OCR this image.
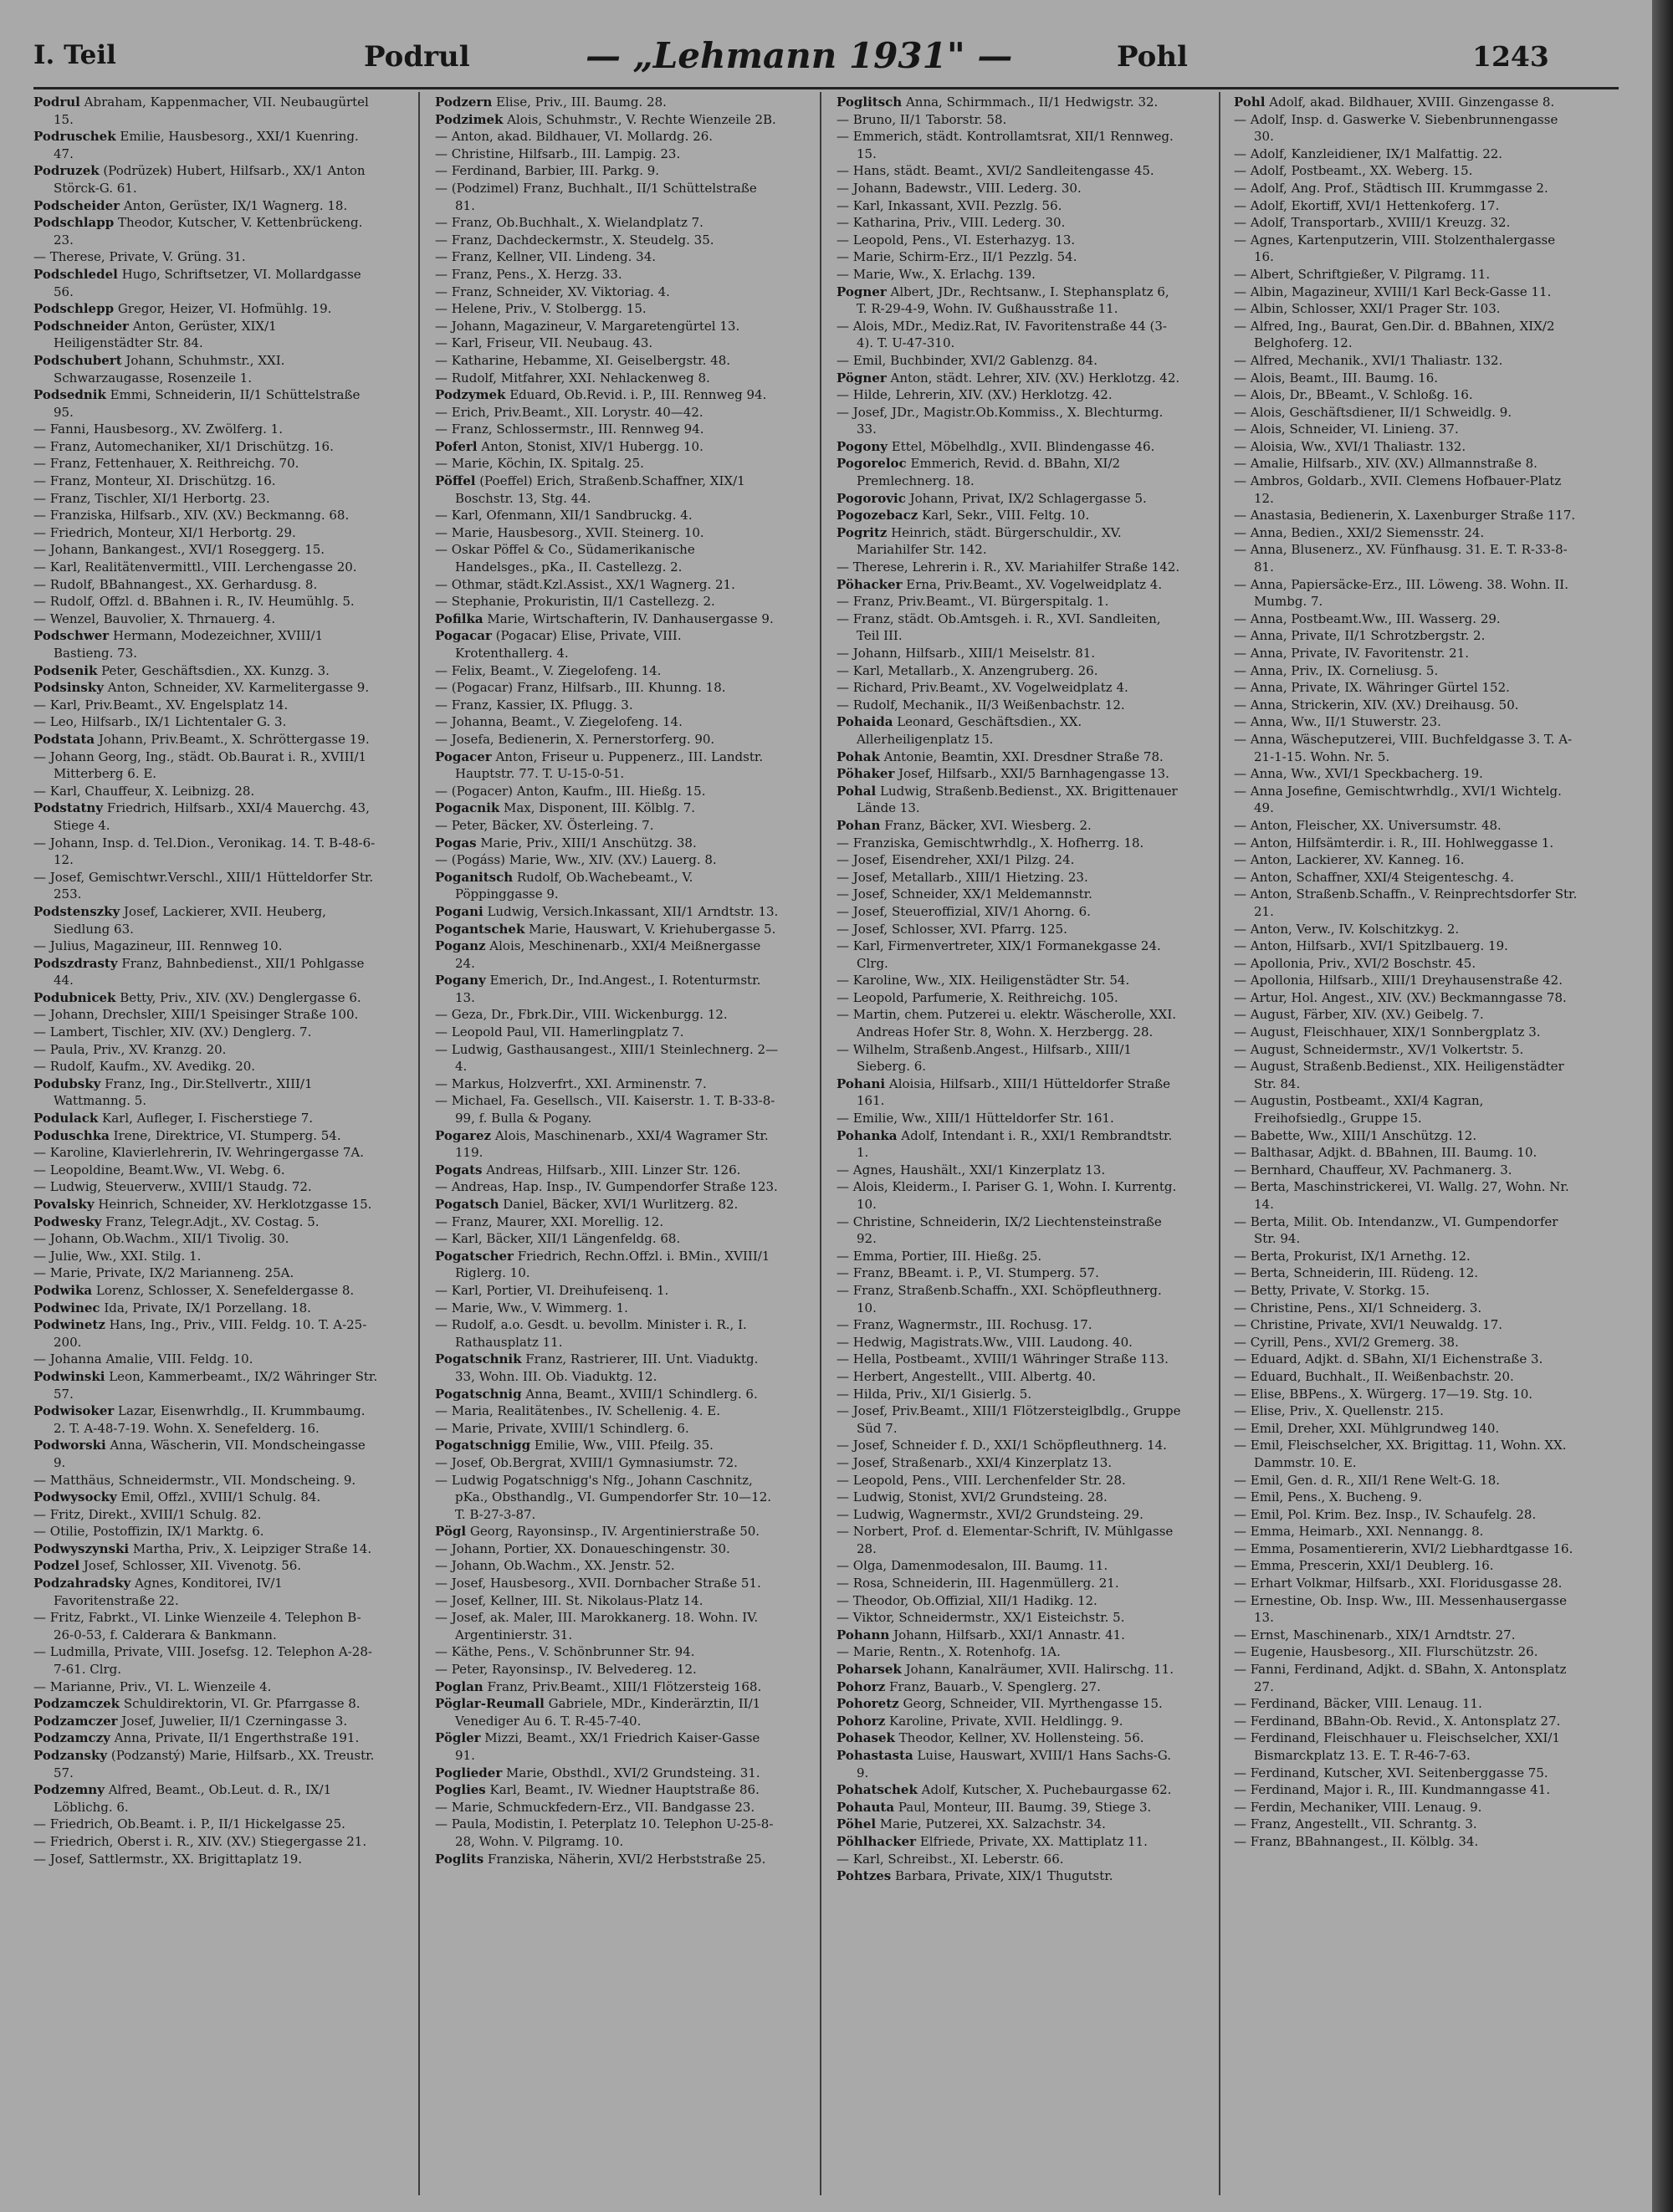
I. Teil	Podrul	— „Lehmann 1931" —	Pohl	1243

Podrul Abraham, Kappenmacher, VII. Neubaugürtel 15.

Podruschek Emilie, Hausbesorg., XXI/1 Kuenring. 47.

Podruzek (Podrüzek) Hubert, Hilfsarb., XX/1 Anton Störck-G. 61.

Podscheider Anton, Gerüster, IX/1 Wagnerg. 18.

Podschlapp Theodor, Kutscher, V. Kettenbrückeng. 23.

— Therese, Private, V. Grüng. 31.

Podschledel Hugo, Schriftsetzer, VI. Mollardgasse 56.

Podschlepp Gregor, Heizer, VI. Hofmühlg. 19.

Podschneider Anton, Gerüster, XIX/1 Heiligenstädter Str. 84.

Podschubert Johann, Schuhmstr., XXI. Schwarzaugasse, Rosenzeile 1.

Podsednik Emmi, Schneiderin, II/1 Schüttelstraße 95.

— Fanni, Hausbesorg., XV. Zwölferg. 1.

— Franz, Automechaniker, XI/1 Drischützg. 16.

— Franz, Fettenhauer, X. Reithreichg. 70.

— Franz, Monteur, XI. Drischützg. 16.

— Franz, Tischler, XI/1 Herbortg. 23.

— Franziska, Hilfsarb., XIV. (XV.) Beckmanng. 68.

— Friedrich, Monteur, XI/1 Herbortg. 29.

— Johann, Bankangest., XVI/1 Roseggerg. 15.

— Karl, Realitätenvermittl., VIII. Lerchengasse 20.

— Rudolf, BBahnangest., XX. Gerhardusg. 8.

— Rudolf, Offzl. d. BBahnen i. R., IV. Heumühlg. 5.

— Wenzel, Bauvolier, X. Thrnauerg. 4.

Podschwer Hermann, Modezeichner, XVIII/1 Bastieng. 73.

Podsenik Peter, Geschäftsdien., XX. Kunzg. 3.

Podsinsky Anton, Schneider, XV. Karmelitergasse 9.

— Karl, Priv.Beamt., XV. Engelsplatz 14.

— Leo, Hilfsarb., IX/1 Lichtentaler G. 3.

Podstata Johann, Priv.Beamt., X. Schröttergasse 19.

— Johann Georg, Ing., städt. Ob.Baurat i. R., XVIII/1 Mitterberg 6. E.

— Karl, Chauffeur, X. Leibnizg. 28.

Podstatny Friedrich, Hilfsarb., XXI/4 Mauerchg. 43, Stiege 4.

— Johann, Insp. d. Tel.Dion., Veronikag. 14. T. B-48-6-12.

— Josef, Gemischtwr.Verschl., XIII/1 Hütteldorfer Str. 253.

Podstenszky Josef, Lackierer, XVII. Heuberg, Siedlung 63.

— Julius, Magazineur, III. Rennweg 10.

Podszdrasty Franz, Bahnbedienst., XII/1 Pohlgasse 44.

Podubnicek Betty, Priv., XIV. (XV.) Denglergasse 6.

— Johann, Drechsler, XIII/1 Speisinger Straße 100.

— Lambert, Tischler, XIV. (XV.) Denglerg. 7.

— Paula, Priv., XV. Kranzg. 20.

— Rudolf, Kaufm., XV. Avedikg. 20.

Podubsky Franz, Ing., Dir.Stellvertr., XIII/1 Wattmanng. 5.

Podulack Karl, Aufleger, I. Fischerstiege 7.

Poduschka Irene, Direktrice, VI. Stumperg. 54.

— Karoline, Klavierlehrerin, IV. Wehringergasse 7A.

— Leopoldine, Beamt.Ww., VI. Webg. 6.

— Ludwig, Steuerverw., XVIII/1 Staudg. 72.

Povalsky Heinrich, Schneider, XV. Herklotzgasse 15.

Podwesky Franz, Telegr.Adjt., XV. Costag. 5.

— Johann, Ob.Wachm., XII/1 Tivolig. 30.

— Julie, Ww., XXI. Stilg. 1.

— Marie, Private, IX/2 Marianneng. 25A.

Podwika Lorenz, Schlosser, X. Senefeldergasse 8.

Podwinec Ida, Private, IX/1 Porzellang. 18.

Podwinetz Hans, Ing., Priv., VIII. Feldg. 10. T. A-25-200.

— Johanna Amalie, VIII. Feldg. 10.

Podwinski Leon, Kammerbeamt., IX/2 Währinger Str. 57.

Podwisoker Lazar, Eisenwrhdlg., II. Krummbaumg. 2. T. A-48-7-19. Wohn. X. Senefelderg. 16.

Podworski Anna, Wäscherin, VII. Mondscheingasse 9.

— Matthäus, Schneidermstr., VII. Mondscheing. 9.

Podwysocky Emil, Offzl., XVIII/1 Schulg. 84.

— Fritz, Direkt., XVIII/1 Schulg. 82.

— Otilie, Postoffizin, IX/1 Marktg. 6.

Podwyszynski Martha, Priv., X. Leipziger Straße 14.

Podzel Josef, Schlosser, XII. Vivenotg. 56.

Podzahradsky Agnes, Konditorei, IV/1 Favoritenstraße 22.

— Fritz, Fabrkt., VI. Linke Wienzeile 4. Telephon B-26-0-53, f. Calderara & Bankmann.

— Ludmilla, Private, VIII. Josefsg. 12. Telephon A-28-7-61. Clrg.

— Marianne, Priv., VI. L. Wienzeile 4.

Podzamczek Schuldirektorin, VI. Gr. Pfarrgasse 8.

Podzamczer Josef, Juwelier, II/1 Czerningasse 3.

Podzamczy Anna, Private, II/1 Engerthstraße 191.

Podzansky (Podzanstý) Marie, Hilfsarb., XX. Treustr. 57.

Podzemny Alfred, Beamt., Ob.Leut. d. R., IX/1 Löblichg. 6.

— Friedrich, Ob.Beamt. i. P., II/1 Hickelgasse 25.

— Friedrich, Oberst i. R., XIV. (XV.) Stiegergasse 21.

— Josef, Sattlermstr., XX. Brigittaplatz 19.

Podzern Elise, Priv., III. Baumg. 28.

Podzimek Alois, Schuhmstr., V. Rechte Wienzeile 2B.

— Anton, akad. Bildhauer, VI. Mollardg. 26.

— Christine, Hilfsarb., III. Lampig. 23.

— Ferdinand, Barbier, III. Parkg. 9.

— (Podzimel) Franz, Buchhalt., II/1 Schüttelstraße 81.

— Franz, Ob.Buchhalt., X. Wielandplatz 7.

— Franz, Dachdeckermstr., X. Steudelg. 35.

— Franz, Kellner, VII. Lindeng. 34.

— Franz, Pens., X. Herzg. 33.

— Franz, Schneider, XV. Viktoriag. 4.

— Helene, Priv., V. Stolbergg. 15.

— Johann, Magazineur, V. Margaretengürtel 13.

— Karl, Friseur, VII. Neubaug. 43.

— Katharine, Hebamme, XI. Geiselbergstr. 48.

— Rudolf, Mitfahrer, XXI. Nehlackenweg 8.

Podzymek Eduard, Ob.Revid. i. P., III. Rennweg 94.

— Erich, Priv.Beamt., XII. Lorystr. 40—42.

— Franz, Schlossermstr., III. Rennweg 94.

Poferl Anton, Stonist, XIV/1 Hubergg. 10.

— Marie, Köchin, IX. Spitalg. 25.

Pöffel (Poeffel) Erich, Straßenb.Schaffner, XIX/1 Boschstr. 13, Stg. 44.

— Karl, Ofenmann, XII/1 Sandbruckg. 4.

— Marie, Hausbesorg., XVII. Steinerg. 10.

— Oskar Pöffel & Co., Südamerikanische Handelsges., pKa., II. Castellezg. 2.

— Othmar, städt.Kzl.Assist., XX/1 Wagnerg. 21.

— Stephanie, Prokuristin, II/1 Castellezg. 2.

Pofilka Marie, Wirtschafterin, IV. Danhausergasse 9.

Pogacar (Pogacar) Elise, Private, VIII. Krotenthallerg. 4.

— Felix, Beamt., V. Ziegelofeng. 14.

— (Pogacar) Franz, Hilfsarb., III. Khunng. 18.

— Franz, Kassier, IX. Pflugg. 3.

— Johanna, Beamt., V. Ziegelofeng. 14.

— Josefa, Bedienerin, X. Pernerstorferg. 90.

Pogacer Anton, Friseur u. Puppenerz., III. Landstr. Hauptstr. 77. T. U-15-0-51.

— (Pogacer) Anton, Kaufm., III. Hießg. 15.

Pogacnik Max, Disponent, III. Kölblg. 7.

— Peter, Bäcker, XV. Österleing. 7.

Pogas Marie, Priv., XIII/1 Anschützg. 38.

— (Pogáss) Marie, Ww., XIV. (XV.) Lauerg. 8.

Poganitsch Rudolf, Ob.Wachebeamt., V. Pöppinggasse 9.

Pogani Ludwig, Versich.Inkassant, XII/1 Arndtstr. 13.

Pogantschek Marie, Hauswart, V. Kriehubergasse 5.

Poganz Alois, Meschinenarb., XXI/4 Meißnergasse 24.

Pogany Emerich, Dr., Ind.Angest., I. Rotenturmstr. 13.

— Geza, Dr., Fbrk.Dir., VIII. Wickenburgg. 12.

— Leopold Paul, VII. Hamerlingplatz 7.

— Ludwig, Gasthausangest., XIII/1 Steinlechnerg. 2—4.

— Markus, Holzverfrt., XXI. Arminenstr. 7.

— Michael, Fa. Gesellsch., VII. Kaiserstr. 1. T. B-33-8-99, f. Bulla & Pogany.

Pogarez Alois, Maschinenarb., XXI/4 Wagramer Str. 119.

Pogats Andreas, Hilfsarb., XIII. Linzer Str. 126.

— Andreas, Hap. Insp., IV. Gumpendorfer Straße 123.

Pogatsch Daniel, Bäcker, XVI/1 Wurlitzerg. 82.

— Franz, Maurer, XXI. Morellig. 12.

— Karl, Bäcker, XII/1 Längenfeldg. 68.

Pogatscher Friedrich, Rechn.Offzl. i. BMin., XVIII/1 Riglerg. 10.

— Karl, Portier, VI. Dreihufeisenq. 1.

— Marie, Ww., V. Wimmerg. 1.

— Rudolf, a.o. Gesdt. u. bevollm. Minister i. R., I. Rathausplatz 11.

Pogatschnik Franz, Rastrierer, III. Unt. Viaduktg. 33, Wohn. III. Ob. Viaduktg. 12.

Pogatschnig Anna, Beamt., XVIII/1 Schindlerg. 6.

— Maria, Realitätenbes., IV. Schellenig. 4. E.

— Marie, Private, XVIII/1 Schindlerg. 6.

Pogatschnigg Emilie, Ww., VIII. Pfeilg. 35.

— Josef, Ob.Bergrat, XVIII/1 Gymnasiumstr. 72.

— Ludwig Pogatschnigg's Nfg., Johann Caschnitz, pKa., Obsthandlg., VI. Gumpendorfer Str. 10—12. T. B-27-3-87.

Pögl Georg, Rayonsinsp., IV. Argentinierstraße 50.

— Johann, Portier, XX. Donaueschingenstr. 30.

— Johann, Ob.Wachm., XX. Jenstr. 52.

— Josef, Hausbesorg., XVII. Dornbacher Straße 51.

— Josef, Kellner, III. St. Nikolaus-Platz 14.

— Josef, ak. Maler, III. Marokkanerg. 18. Wohn. IV. Argentinierstr. 31.

— Käthe, Pens., V. Schönbrunner Str. 94.

— Peter, Rayonsinsp., IV. Belvedereg. 12.

Poglan Franz, Priv.Beamt., XIII/1 Flötzersteig 168.

Pöglar-Reumall Gabriele, MDr., Kinderärztin, II/1 Venediger Au 6. T. R-45-7-40.

Pögler Mizzi, Beamt., XX/1 Friedrich Kaiser-Gasse 91.

Poglieder Marie, Obsthdl., XVI/2 Grundsteing. 31.

Poglies Karl, Beamt., IV. Wiedner Hauptstraße 86.

— Marie, Schmuckfedern-Erz., VII. Bandgasse 23.

— Paula, Modistin, I. Peterplatz 10. Telephon U-25-8-28, Wohn. V. Pilgramg. 10.

Poglits Franziska, Näherin, XVI/2 Herbststraße 25.

Poglitsch Anna, Schirmmach., II/1 Hedwigstr. 32.

— Bruno, II/1 Taborstr. 58.

— Emmerich, städt. Kontrollamtsrat, XII/1 Rennweg. 15.

— Hans, städt. Beamt., XVI/2 Sandleitengasse 45.

— Johann, Badewstr., VIII. Lederg. 30.

— Karl, Inkassant, XVII. Pezzlg. 56.

— Katharina, Priv., VIII. Lederg. 30.

— Leopold, Pens., VI. Esterhazyg. 13.

— Marie, Schirm-Erz., II/1 Pezzlg. 54.

— Marie, Ww., X. Erlachg. 139.

Pogner Albert, JDr., Rechtsanw., I. Stephansplatz 6, T. R-29-4-9, Wohn. IV. Gußhausstraße 11.

— Alois, MDr., Mediz.Rat, IV. Favoritenstraße 44 (3-4). T. U-47-310.

— Emil, Buchbinder, XVI/2 Gablenzg. 84.

Pögner Anton, städt. Lehrer, XIV. (XV.) Herklotzg. 42.

— Hilde, Lehrerin, XIV. (XV.) Herklotzg. 42.

— Josef, JDr., Magistr.Ob.Kommiss., X. Blechturmg. 33.

Pogony Ettel, Möbelhdlg., XVII. Blindengasse 46.

Pogoreloc Emmerich, Revid. d. BBahn, XI/2 Premlechnerg. 18.

Pogorovic Johann, Privat, IX/2 Schlagergasse 5.

Pogozebacz Karl, Sekr., VIII. Feltg. 10.

Pogritz Heinrich, städt. Bürgerschuldir., XV. Mariahilfer Str. 142.

— Therese, Lehrerin i. R., XV. Mariahilfer Straße 142.

Pöhacker Erna, Priv.Beamt., XV. Vogelweidplatz 4.

— Franz, Priv.Beamt., VI. Bürgerspitalg. 1.

— Franz, städt. Ob.Amtsgeh. i. R., XVI. Sandleiten, Teil III.

— Johann, Hilfsarb., XIII/1 Meiselstr. 81.

— Karl, Metallarb., X. Anzengruberg. 26.

— Richard, Priv.Beamt., XV. Vogelweidplatz 4.

— Rudolf, Mechanik., II/3 Weißenbachstr. 12.

Pohaida Leonard, Geschäftsdien., XX. Allerheiligenplatz 15.

Pohak Antonie, Beamtin, XXI. Dresdner Straße 78.

Pöhaker Josef, Hilfsarb., XXI/5 Barnhagengasse 13.

Pohal Ludwig, Straßenb.Bedienst., XX. Brigittenauer Lände 13.

Pohan Franz, Bäcker, XVI. Wiesberg. 2.

— Franziska, Gemischtwrhdlg., X. Hofherrg. 18.

— Josef, Eisendreher, XXI/1 Pilzg. 24.

— Josef, Metallarb., XIII/1 Hietzing. 23.

— Josef, Schneider, XX/1 Meldemannstr.

— Josef, Steueroffizial, XIV/1 Ahorng. 6.

— Josef, Schlosser, XVI. Pfarrg. 125.

— Karl, Firmenvertreter, XIX/1 Formanekgasse 24. Clrg.

— Karoline, Ww., XIX. Heiligenstädter Str. 54.

— Leopold, Parfumerie, X. Reithreichg. 105.

— Martin, chem. Putzerei u. elektr. Wäscherolle, XXI. Andreas Hofer Str. 8, Wohn. X. Herzbergg. 28.

— Wilhelm, Straßenb.Angest., Hilfsarb., XIII/1 Sieberg. 6.

Pohani Aloisia, Hilfsarb., XIII/1 Hütteldorfer Straße 161.

— Emilie, Ww., XIII/1 Hütteldorfer Str. 161.

Pohanka Adolf, Intendant i. R., XXI/1 Rembrandtstr. 1.

— Agnes, Haushält., XXI/1 Kinzerplatz 13.

— Alois, Kleiderm., I. Pariser G. 1, Wohn. I. Kurrentg. 10.

— Christine, Schneiderin, IX/2 Liechtensteinstraße 92.

— Emma, Portier, III. Hießg. 25.

— Franz, BBeamt. i. P., VI. Stumperg. 57.

— Franz, Straßenb.Schaffn., XXI. Schöpfleuthnerg. 10.

— Franz, Wagnermstr., III. Rochusg. 17.

— Hedwig, Magistrats.Ww., VIII. Laudong. 40.

— Hella, Postbeamt., XVIII/1 Währinger Straße 113.

— Herbert, Angestellt., VIII. Albertg. 40.

— Hilda, Priv., XI/1 Gisierlg. 5.

— Josef, Priv.Beamt., XIII/1 Flötzersteiglbdlg., Gruppe Süd 7.

— Josef, Schneider f. D., XXI/1 Schöpfleuthnerg. 14.

— Josef, Straßenarb., XXI/4 Kinzerplatz 13.

— Leopold, Pens., VIII. Lerchenfelder Str. 28.

— Ludwig, Stonist, XVI/2 Grundsteing. 28.

— Ludwig, Wagnermstr., XVI/2 Grundsteing. 29.

— Norbert, Prof. d. Elementar-Schrift, IV. Mühlgasse 28.

— Olga, Damenmodesalon, III. Baumg. 11.

— Rosa, Schneiderin, III. Hagenmüllerg. 21.

— Theodor, Ob.Offizial, XII/1 Hadikg. 12.

— Viktor, Schneidermstr., XX/1 Eisteichstr. 5.

Pohann Johann, Hilfsarb., XXI/1 Annastr. 41.

— Marie, Rentn., X. Rotenhofg. 1A.

Poharsek Johann, Kanalräumer, XVII. Halirschg. 11.

Pohorz Franz, Bauarb., V. Spenglerg. 27.

Pohoretz Georg, Schneider, VII. Myrthengasse 15.

Pohorz Karoline, Private, XVII. Heldlingg. 9.

Pohasek Theodor, Kellner, XV. Hollensteing. 56.

Pohastasta Luise, Hauswart, XVIII/1 Hans Sachs-G. 9.

Pohatschek Adolf, Kutscher, X. Puchebaurgasse 62.

Pohauta Paul, Monteur, III. Baumg. 39, Stiege 3.

Pöhel Marie, Putzerei, XX. Salzachstr. 34.

Pöhlhacker Elfriede, Private, XX. Mattiplatz 11.

— Karl, Schreibst., XI. Leberstr. 66.

Pohtzes Barbara, Private, XIX/1 Thugutstr.

Pohl Adolf, akad. Bildhauer, XVIII. Ginzengasse 8.

— Adolf, Insp. d. Gaswerke V. Siebenbrunnengasse 30.

— Adolf, Kanzleidiener, IX/1 Malfattig. 22.

— Adolf, Postbeamt., XX. Weberg. 15.

— Adolf, Ang. Prof., Städtisch III. Krummgasse 2.

— Adolf, Ekortiff, XVI/1 Hettenkoferg. 17.

— Adolf, Transportarb., XVIII/1 Kreuzg. 32.

— Agnes, Kartenputzerin, VIII. Stolzenthalergasse 16.

— Albert, Schriftgießer, V. Pilgramg. 11.

— Albin, Magazineur, XVIII/1 Karl Beck-Gasse 11.

— Albin, Schlosser, XXI/1 Prager Str. 103.

— Alfred, Ing., Baurat, Gen.Dir. d. BBahnen, XIX/2 Belghoferg. 12.

— Alfred, Mechanik., XVI/1 Thaliastr. 132.

— Alois, Beamt., III. Baumg. 16.

— Alois, Dr., BBeamt., V. Schloßg. 16.

— Alois, Geschäftsdiener, II/1 Schweidlg. 9.

— Alois, Schneider, VI. Linieng. 37.

— Aloisia, Ww., XVI/1 Thaliastr. 132.

— Amalie, Hilfsarb., XIV. (XV.) Allmannstraße 8.

— Ambros, Goldarb., XVII. Clemens Hofbauer-Platz 12.

— Anastasia, Bedienerin, X. Laxenburger Straße 117.

— Anna, Bedien., XXI/2 Siemensstr. 24.

— Anna, Blusenerz., XV. Fünfhausg. 31. E. T. R-33-8-81.

— Anna, Papiersäcke-Erz., III. Löweng. 38. Wohn. II. Mumbg. 7.

— Anna, Postbeamt.Ww., III. Wasserg. 29.

— Anna, Private, II/1 Schrotzbergstr. 2.

— Anna, Private, IV. Favoritenstr. 21.

— Anna, Priv., IX. Corneliusg. 5.

— Anna, Private, IX. Währinger Gürtel 152.

— Anna, Strickerin, XIV. (XV.) Dreihausg. 50.

— Anna, Ww., II/1 Stuwerstr. 23.

— Anna, Wäscheputzerei, VIII. Buchfeldgasse 3. T. A-21-1-15. Wohn. Nr. 5.

— Anna, Ww., XVI/1 Speckbacherg. 19.

— Anna Josefine, Gemischtwrhdlg., XVI/1 Wichtelg. 49.

— Anton, Fleischer, XX. Universumstr. 48.

— Anton, Hilfsämterdir. i. R., III. Hohlweggasse 1.

— Anton, Lackierer, XV. Kanneg. 16.

— Anton, Schaffner, XXI/4 Steigenteschg. 4.

— Anton, Straßenb.Schaffn., V. Reinprechtsdorfer Str. 21.

— Anton, Verw., IV. Kolschitzkyg. 2.

— Anton, Hilfsarb., XVI/1 Spitzlbauerg. 19.

— Apollonia, Priv., XVI/2 Boschstr. 45.

— Apollonia, Hilfsarb., XIII/1 Dreyhausenstraße 42.

— Artur, Hol. Angest., XIV. (XV.) Beckmanngasse 78.

— August, Färber, XIV. (XV.) Geibelg. 7.

— August, Fleischhauer, XIX/1 Sonnbergplatz 3.

— August, Schneidermstr., XV/1 Volkertstr. 5.

— August, Straßenb.Bedienst., XIX. Heiligenstädter Str. 84.

— Augustin, Postbeamt., XXI/4 Kagran, Freihofsiedlg., Gruppe 15.

— Babette, Ww., XIII/1 Anschützg. 12.

— Balthasar, Adjkt. d. BBahnen, III. Baumg. 10.

— Bernhard, Chauffeur, XV. Pachmanerg. 3.

— Berta, Maschinstrickerei, VI. Wallg. 27, Wohn. Nr. 14.

— Berta, Milit. Ob. Intendanzw., VI. Gumpendorfer Str. 94.

— Berta, Prokurist, IX/1 Arnethg. 12.

— Berta, Schneiderin, III. Rüdeng. 12.

— Betty, Private, V. Storkg. 15.

— Christine, Pens., XI/1 Schneiderg. 3.

— Christine, Private, XVI/1 Neuwaldg. 17.

— Cyrill, Pens., XVI/2 Gremerg. 38.

— Eduard, Adjkt. d. SBahn, XI/1 Eichenstraße 3.

— Eduard, Buchhalt., II. Weißenbachstr. 20.

— Elise, BBPens., X. Würgerg. 17—19. Stg. 10.

— Elise, Priv., X. Quellenstr. 215.

— Emil, Dreher, XXI. Mühlgrundweg 140.

— Emil, Fleischselcher, XX. Brigittag. 11, Wohn. XX. Dammstr. 10. E.

— Emil, Gen. d. R., XII/1 Rene Welt-G. 18.

— Emil, Pens., X. Bucheng. 9.

— Emil, Pol. Krim. Bez. Insp., IV. Schaufelg. 28.

— Emma, Heimarb., XXI. Nennangg. 8.

— Emma, Posamentiererin, XVI/2 Liebhardtgasse 16.

— Emma, Prescerin, XXI/1 Deublerg. 16.

— Erhart Volkmar, Hilfsarb., XXI. Floridusgasse 28.

— Ernestine, Ob. Insp. Ww., III. Messenhausergasse 13.

— Ernst, Maschinenarb., XIX/1 Arndtstr. 27.

— Eugenie, Hausbesorg., XII. Flurschützstr. 26.

— Fanni, Ferdinand, Adjkt. d. SBahn, X. Antonsplatz 27.

— Ferdinand, Bäcker, VIII. Lenaug. 11.

— Ferdinand, BBahn-Ob. Revid., X. Antonsplatz 27.

— Ferdinand, Fleischhauer u. Fleischselcher, XXI/1 Bismarckplatz 13. E. T. R-46-7-63.

— Ferdinand, Kutscher, XVI. Seitenberggasse 75.

— Ferdinand, Major i. R., III. Kundmanngasse 41.

— Ferdin, Mechaniker, VIII. Lenaug. 9.

— Franz, Angestellt., VII. Schrantg. 3.

— Franz, BBahnangest., II. Kölblg. 34.
